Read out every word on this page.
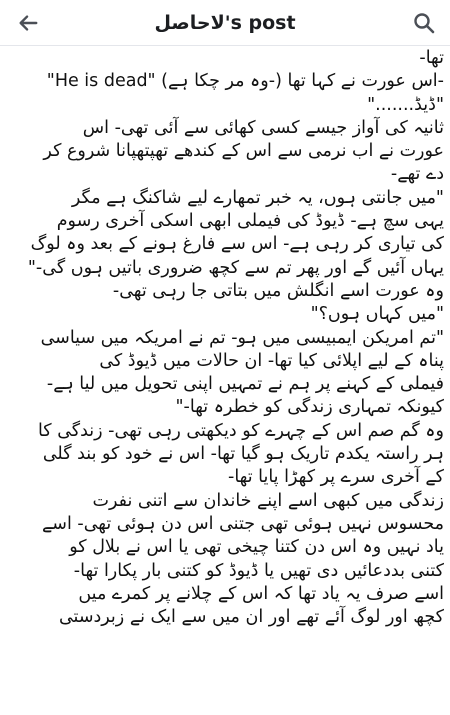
لاحاصل's post

تھا-

"He is dead" (وہ مر چکا ہے-) اس عورت نے کہا تھا-

"ڈیڈ......."

ثانیہ کی آواز جیسے کسی کھائی سے آئی تھی- اس

عورت نے اب نرمی سے اس کے کندھے تھپتھپانا شروع کر

دے تھے-

"میں جانتی ہوں، یہ خبر تمھارے لیے شاکنگ ہے مگر

یہی سچ ہے- ڈیوڈ کی فیملی ابھی اسکی آخری رسوم

کی تیاری کر رہی ہے- اس سے فارغ ہونے کے بعد وہ لوگ

یہاں آئیں گے اور پھر تم سے کچھ ضروری باتیں ہوں گی-"

وہ عورت اسے انگلش میں بتاتی جا رہی تھی-

"میں کہاں ہوں؟"

"تم امریکن ایمبیسی میں ہو- تم نے امریکہ میں سیاسی

پناہ کے لیے اپلائی کیا تھا- ان حالات میں ڈیوڈ کی

فیملی کے کہنے پر ہم نے تمہیں اپنی تحویل میں لیا ہے-

کیونکہ تمہاری زندگی کو خطرہ تھا-"

وہ گم صم اس کے چہرے کو دیکھتی رہی تھی- زندگی کا

ہر راستہ یکدم تاریک ہو گیا تھا- اس نے خود کو بند گلی

کے آخری سرے پر کھڑا پایا تھا-

زندگی میں کبھی اسے اپنے خاندان سے اتنی نفرت

محسوس نہیں ہوئی تھی جتنی اس دن ہوئی تھی- اسے

یاد نہیں وہ اس دن کتنا چیخی تھی یا اس نے بلال کو

کتنی بددعائیں دی تھیں یا ڈیوڈ کو کتنی بار پکارا تھا-

اسے صرف یہ یاد تھا کہ اس کے چلانے پر کمرے میں

کچھ اور لوگ آئے تھے اور ان میں سے ایک نے زبردستی
